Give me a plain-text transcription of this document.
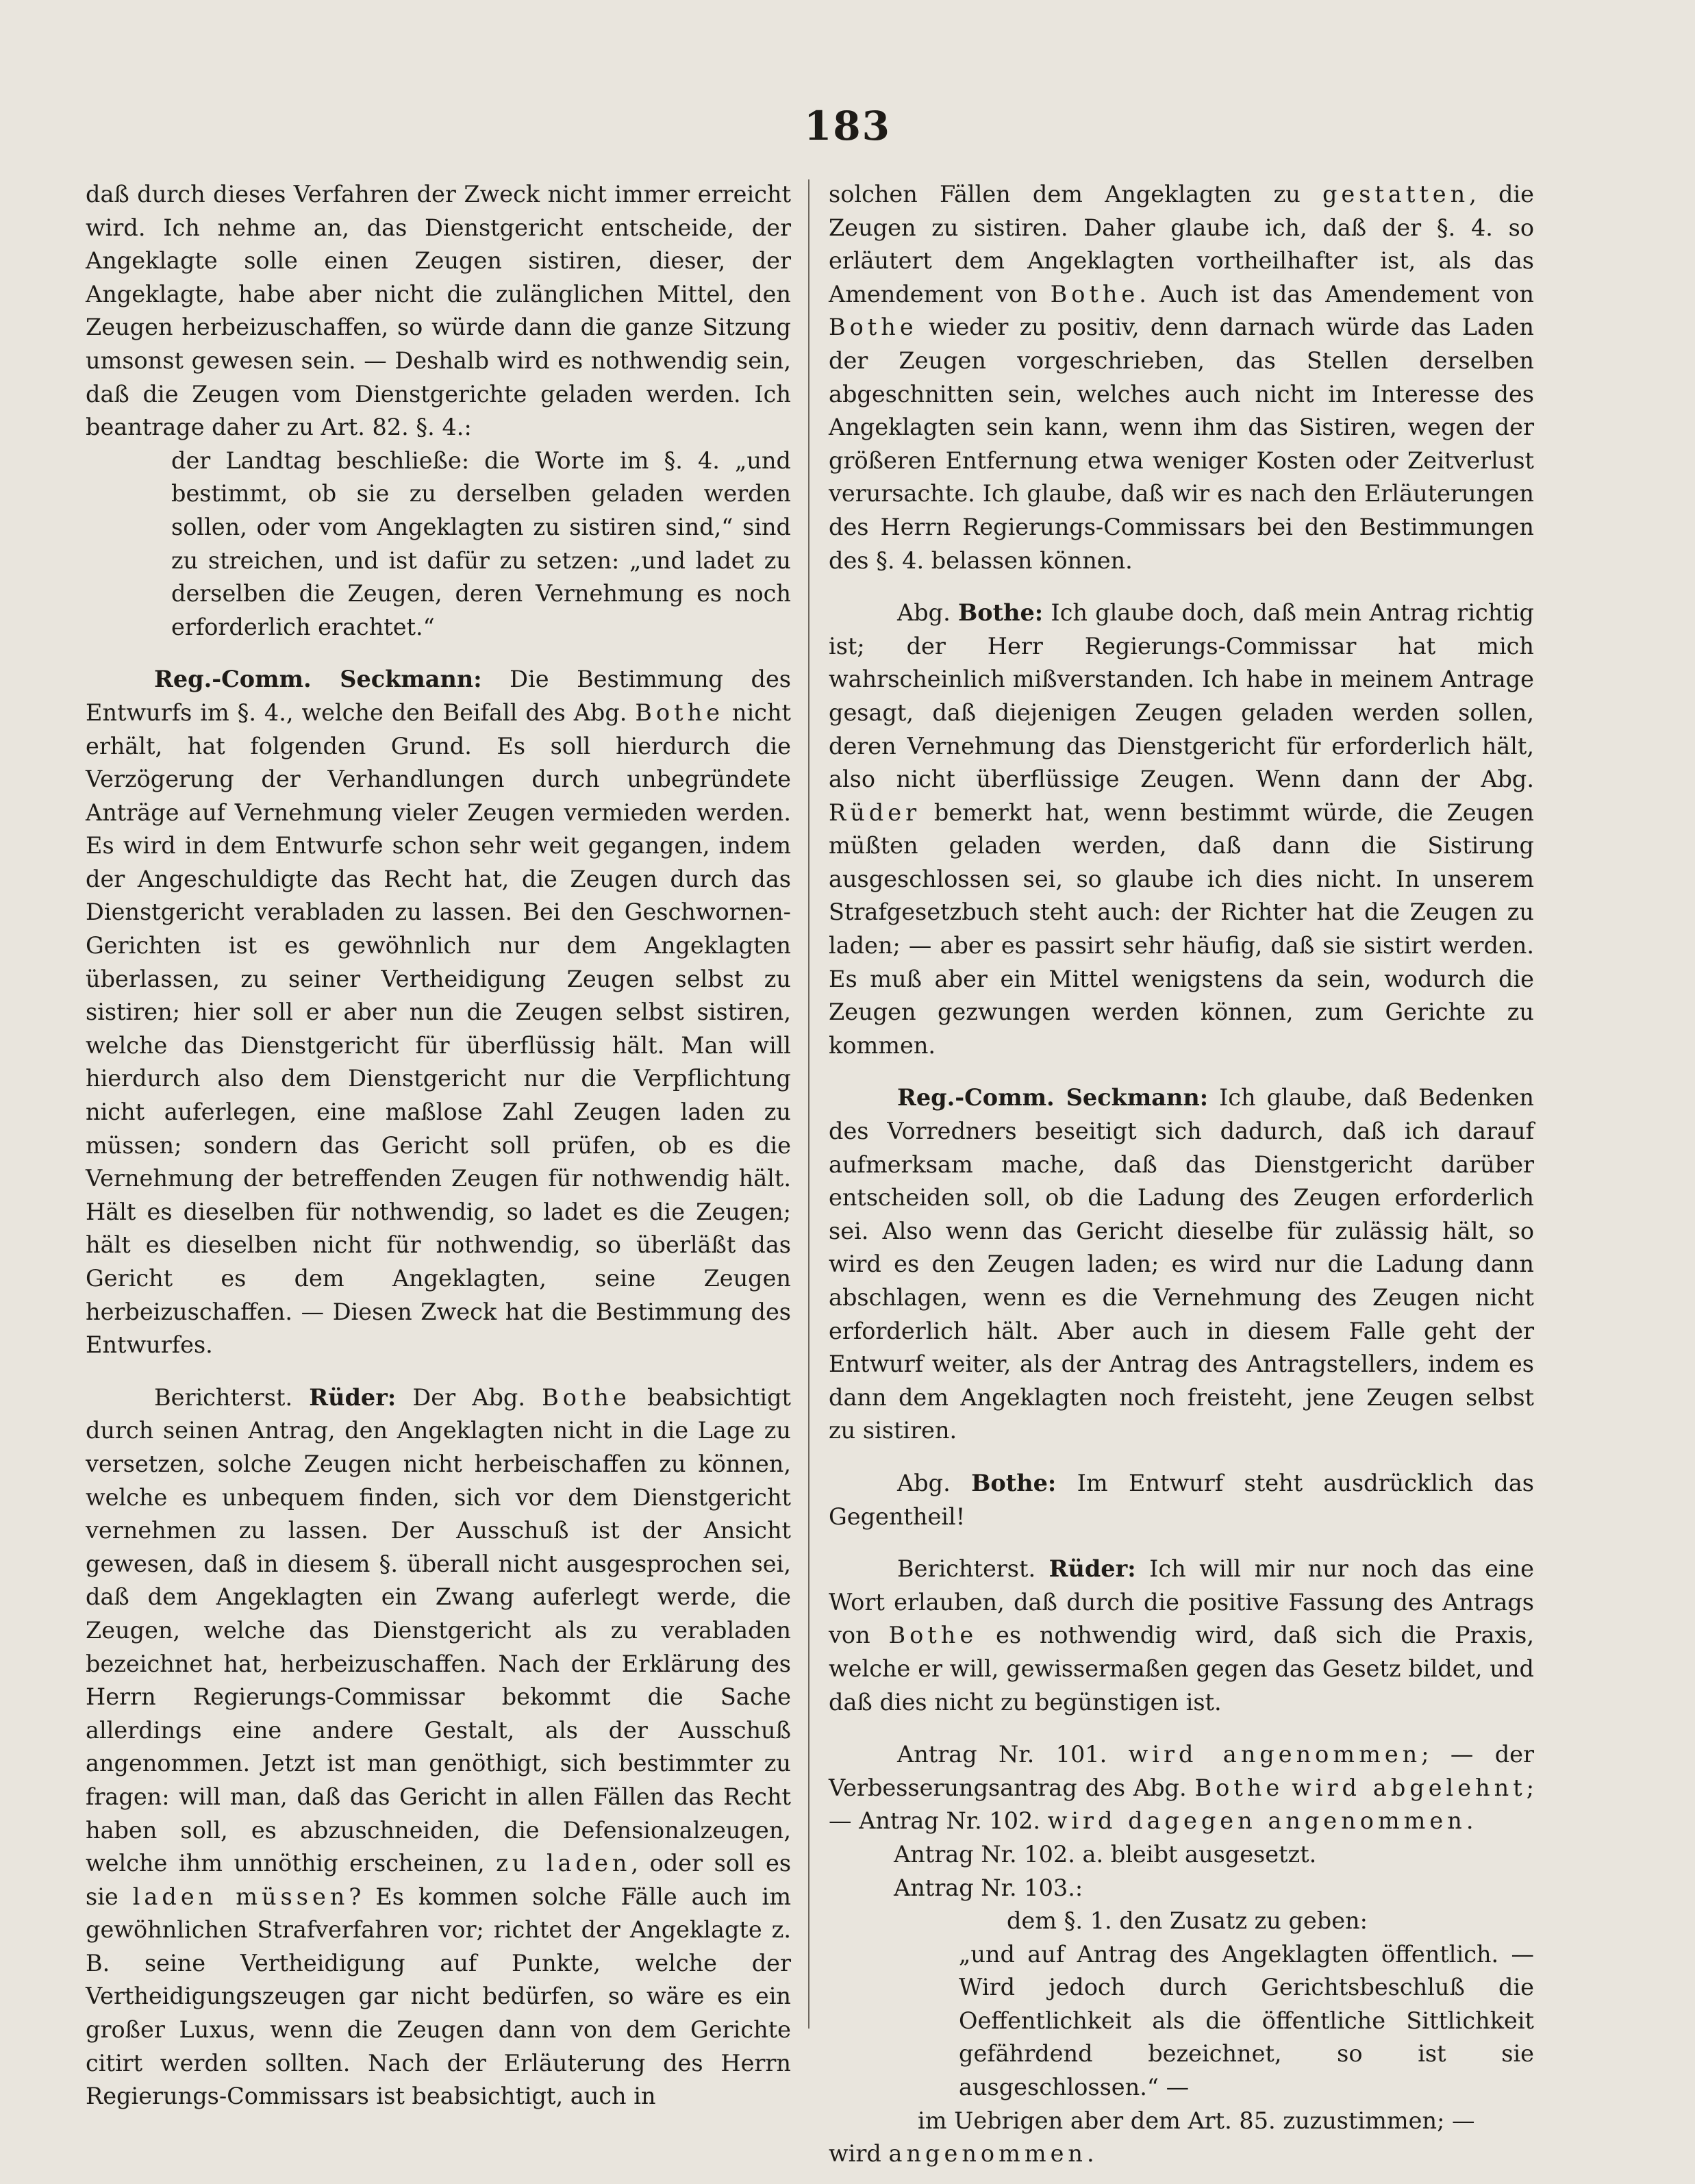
183

daß durch dieses Verfahren der Zweck nicht immer erreicht wird. Ich nehme an, das Dienstgericht entscheide, der Angeklagte solle einen Zeugen sistiren, dieser, der Angeklagte, habe aber nicht die zulänglichen Mittel, den Zeugen herbeizuschaffen, so würde dann die ganze Sitzung umsonst gewesen sein. — Deshalb wird es nothwendig sein, daß die Zeugen vom Dienstgerichte geladen werden. Ich beantrage daher zu Art. 82. §. 4.:

der Landtag beschließe: die Worte im §. 4. „und bestimmt, ob sie zu derselben geladen werden sollen, oder vom Angeklagten zu sistiren sind,“ sind zu streichen, und ist dafür zu setzen: „und ladet zu derselben die Zeugen, deren Vernehmung es noch erforderlich erachtet.“

Reg.-Comm. Seckmann: Die Bestimmung des Entwurfs im §. 4., welche den Beifall des Abg. Bothe nicht erhält, hat folgenden Grund. Es soll hierdurch die Verzögerung der Verhandlungen durch unbegründete Anträge auf Vernehmung vieler Zeugen vermieden werden. Es wird in dem Entwurfe schon sehr weit gegangen, indem der Angeschuldigte das Recht hat, die Zeugen durch das Dienstgericht verabladen zu lassen. Bei den Geschwornen-Gerichten ist es gewöhnlich nur dem Angeklagten überlassen, zu seiner Vertheidigung Zeugen selbst zu sistiren; hier soll er aber nun die Zeugen selbst sistiren, welche das Dienstgericht für überflüssig hält. Man will hierdurch also dem Dienstgericht nur die Verpflichtung nicht auferlegen, eine maßlose Zahl Zeugen laden zu müssen; sondern das Gericht soll prüfen, ob es die Vernehmung der betreffenden Zeugen für nothwendig hält. Hält es dieselben für nothwendig, so ladet es die Zeugen; hält es dieselben nicht für nothwendig, so überläßt das Gericht es dem Angeklagten, seine Zeugen herbeizuschaffen. — Diesen Zweck hat die Bestimmung des Entwurfes.

Berichterst. Rüder: Der Abg. Bothe beabsichtigt durch seinen Antrag, den Angeklagten nicht in die Lage zu versetzen, solche Zeugen nicht herbeischaffen zu können, welche es unbequem finden, sich vor dem Dienstgericht vernehmen zu lassen. Der Ausschuß ist der Ansicht gewesen, daß in diesem §. überall nicht ausgesprochen sei, daß dem Angeklagten ein Zwang auferlegt werde, die Zeugen, welche das Dienstgericht als zu verabladen bezeichnet hat, herbeizuschaffen. Nach der Erklärung des Herrn Regierungs-Commissar bekommt die Sache allerdings eine andere Gestalt, als der Ausschuß angenommen. Jetzt ist man genöthigt, sich bestimmter zu fragen: will man, daß das Gericht in allen Fällen das Recht haben soll, es abzuschneiden, die Defensionalzeugen, welche ihm unnöthig erscheinen, zu laden, oder soll es sie laden müssen? Es kommen solche Fälle auch im gewöhnlichen Strafverfahren vor; richtet der Angeklagte z. B. seine Vertheidigung auf Punkte, welche der Vertheidigungszeugen gar nicht bedürfen, so wäre es ein großer Luxus, wenn die Zeugen dann von dem Gerichte citirt werden sollten. Nach der Erläuterung des Herrn Regierungs-Commissars ist beabsichtigt, auch in

solchen Fällen dem Angeklagten zu gestatten, die Zeugen zu sistiren. Daher glaube ich, daß der §. 4. so erläutert dem Angeklagten vortheilhafter ist, als das Amendement von Bothe. Auch ist das Amendement von Bothe wieder zu positiv, denn darnach würde das Laden der Zeugen vorgeschrieben, das Stellen derselben abgeschnitten sein, welches auch nicht im Interesse des Angeklagten sein kann, wenn ihm das Sistiren, wegen der größeren Entfernung etwa weniger Kosten oder Zeitverlust verursachte. Ich glaube, daß wir es nach den Erläuterungen des Herrn Regierungs-Commissars bei den Bestimmungen des §. 4. belassen können.

Abg. Bothe: Ich glaube doch, daß mein Antrag richtig ist; der Herr Regierungs-Commissar hat mich wahrscheinlich mißverstanden. Ich habe in meinem Antrage gesagt, daß diejenigen Zeugen geladen werden sollen, deren Vernehmung das Dienstgericht für erforderlich hält, also nicht überflüssige Zeugen. Wenn dann der Abg. Rüder bemerkt hat, wenn bestimmt würde, die Zeugen müßten geladen werden, daß dann die Sistirung ausgeschlossen sei, so glaube ich dies nicht. In unserem Strafgesetzbuch steht auch: der Richter hat die Zeugen zu laden; — aber es passirt sehr häufig, daß sie sistirt werden. Es muß aber ein Mittel wenigstens da sein, wodurch die Zeugen gezwungen werden können, zum Gerichte zu kommen.

Reg.-Comm. Seckmann: Ich glaube, daß Bedenken des Vorredners beseitigt sich dadurch, daß ich darauf aufmerksam mache, daß das Dienstgericht darüber entscheiden soll, ob die Ladung des Zeugen erforderlich sei. Also wenn das Gericht dieselbe für zulässig hält, so wird es den Zeugen laden; es wird nur die Ladung dann abschlagen, wenn es die Vernehmung des Zeugen nicht erforderlich hält. Aber auch in diesem Falle geht der Entwurf weiter, als der Antrag des Antragstellers, indem es dann dem Angeklagten noch freisteht, jene Zeugen selbst zu sistiren.

Abg. Bothe: Im Entwurf steht ausdrücklich das Gegentheil!

Berichterst. Rüder: Ich will mir nur noch das eine Wort erlauben, daß durch die positive Fassung des Antrags von Bothe es nothwendig wird, daß sich die Praxis, welche er will, gewissermaßen gegen das Gesetz bildet, und daß dies nicht zu begünstigen ist.

Antrag Nr. 101. wird angenommen; — der Verbesserungsantrag des Abg. Bothe wird abgelehnt; — Antrag Nr. 102. wird dagegen angenommen.

Antrag Nr. 102. a. bleibt ausgesetzt.

Antrag Nr. 103.:

dem §. 1. den Zusatz zu geben:

„und auf Antrag des Angeklagten öffentlich. — Wird jedoch durch Gerichtsbeschluß die Oeffentlichkeit als die öffentliche Sittlichkeit gefährdend bezeichnet, so ist sie ausgeschlossen.“ —

im Uebrigen aber dem Art. 85. zuzustimmen; —

wird angenommen.
